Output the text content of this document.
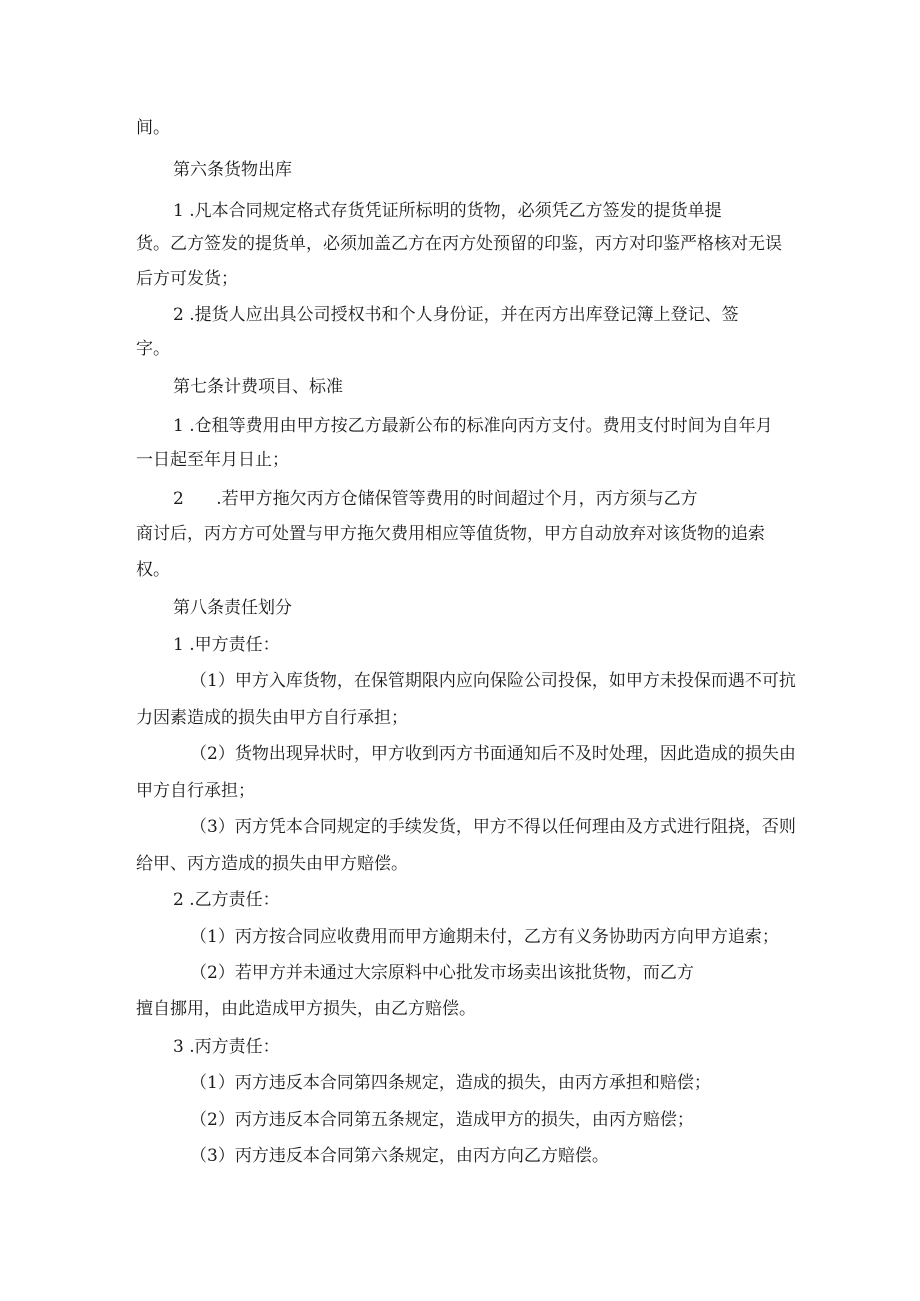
间。
第六条货物出库
1 .凡本合同规定格式存货凭证所标明的货物，必须凭乙方签发的提货单提
货。乙方签发的提货单，必须加盖乙方在丙方处预留的印鉴，丙方对印鉴严格核对无误
后方可发货；
2 .提货人应出具公司授权书和个人身份证，并在丙方出库登记簿上登记、签
字。
第七条计费项目、标准
1 .仓租等费用由甲方按乙方最新公布的标准向丙方支付。费用支付时间为自年月
一日起至年月日止；
2      .若甲方拖欠丙方仓储保管等费用的时间超过个月，丙方须与乙方
商讨后，丙方方可处置与甲方拖欠费用相应等值货物，甲方自动放弃对该货物的追索
权。
第八条责任划分
1 .甲方责任：
（1）甲方入库货物，在保管期限内应向保险公司投保，如甲方未投保而遇不可抗
力因素造成的损失由甲方自行承担；
（2）货物出现异状时，甲方收到丙方书面通知后不及时处理，因此造成的损失由
甲方自行承担；
（3）丙方凭本合同规定的手续发货，甲方不得以任何理由及方式进行阻挠，否则
给甲、丙方造成的损失由甲方赔偿。
2 .乙方责任：
（1）丙方按合同应收费用而甲方逾期未付，乙方有义务协助丙方向甲方追索；
（2）若甲方并未通过大宗原料中心批发市场卖出该批货物，而乙方
擅自挪用，由此造成甲方损失，由乙方赔偿。
3 .丙方责任：
（1）丙方违反本合同第四条规定，造成的损失，由丙方承担和赔偿；
（2）丙方违反本合同第五条规定，造成甲方的损失，由丙方赔偿；
（3）丙方违反本合同第六条规定，由丙方向乙方赔偿。
